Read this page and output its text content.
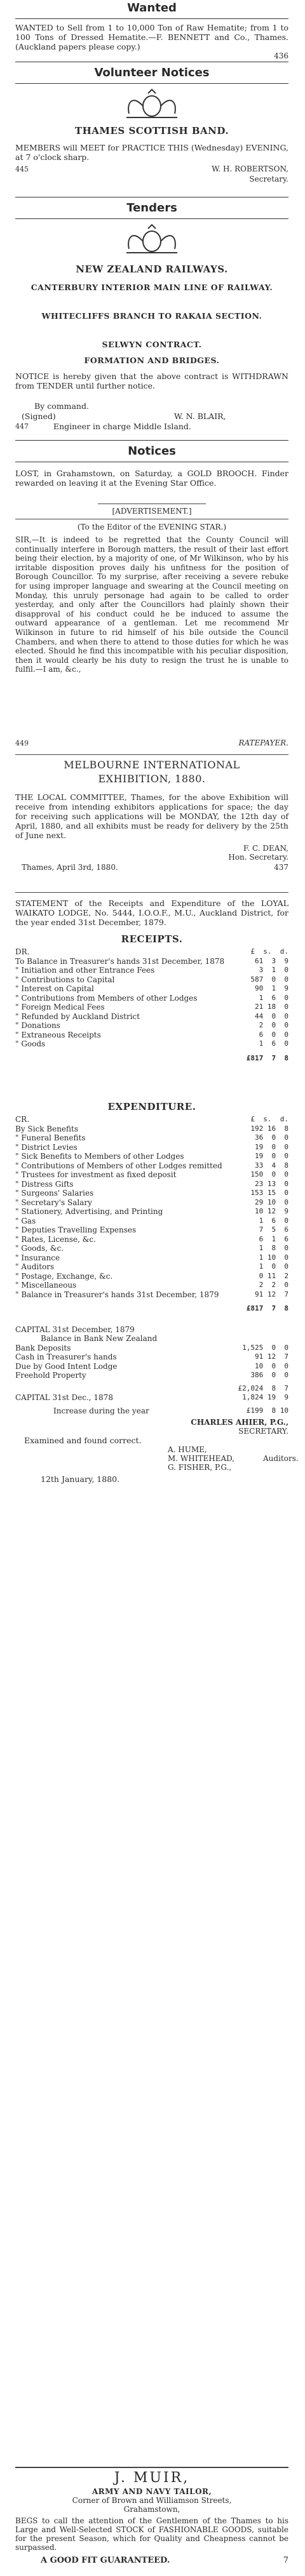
Wanted
WANTED to Sell from 1 to 10,000 Ton of Raw Hematite; from 1 to 100 Tons of Dressed Hematite.—F. BENNETT and Co., Thames. (Auckland papers please copy.)
436
Volunteer Notices
THAMES SCOTTISH BAND.
MEMBERS will MEET for PRACTICE THIS (Wednesday) EVENING, at 7 o'clock sharp.
W. H. ROBERTSON,
445
Secretary.
Tenders
NEW ZEALAND RAILWAYS.
CANTERBURY INTERIOR MAIN LINE OF RAILWAY.
WHITECLIFFS BRANCH TO RAKAIA SECTION.
SELWYN CONTRACT.
FORMATION AND BRIDGES.
NOTICE is hereby given that the above contract is WITHDRAWN from TENDER until further notice.
By command.
(Signed)	W. N. BLAIR,
447	Engineer in charge Middle Island.
Notices
LOST, in Grahamstown, on Saturday, a GOLD BROOCH. Finder rewarded on leaving it at the Evening Star Office.
[ADVERTISEMENT.]
(To the Editor of the EVENING STAR.)
SIR,—It is indeed to be regretted that the County Council will continually interfere in Borough matters, the result of their last effort being their election, by a majority of one, of Mr Wilkinson, who by his irritable disposition proves daily his unfitness for the position of Borough Councillor. To my surprise, after receiving a severe rebuke for using improper language and swearing at the Council meeting on Monday, this unruly personage had again to be called to order yesterday, and only after the Councillors had plainly shown their disapproval of his conduct could he be induced to assume the outward appearance of a gentleman. Let me recommend Mr Wilkinson in future to rid himself of his bile outside the Council Chambers, and when there to attend to those duties for which he was elected. Should he find this incompatible with his peculiar disposition, then it would clearly be his duty to resign the trust he is unable to fulfil.—I am, &c.,
RATEPAYER.
449
MELBOURNE INTERNATIONAL
EXHIBITION, 1880.
THE LOCAL COMMITTEE, Thames, for the above Exhibition will receive from intending exhibitors applications for space; the day for receiving such applications will be MONDAY, the 12th day of April, 1880, and all exhibits must be ready for delivery by the 25th of June next.
F. C. DEAN,
Hon. Secretary.
Thames, April 3rd, 1880.	437
STATEMENT of the Receipts and Expenditure of the LOYAL WAIKATO LODGE, No. 5444, I.O.O.F., M.U., Auckland District, for the year ended 31st December, 1879.
RECEIPTS.
DR.	£  s.  d.
To Balance in Treasurer's hands 31st December, 1878	61  3  9
" Initiation and other Entrance Fees	3  1  0
" Contributions to Capital	587  0  0
" Interest on Capital	90  1  9
" Contributions from Members of other Lodges	1  6  0
" Foreign Medical Fees	21 18  0
" Refunded by Auckland District	44  0  0
" Donations	2  0  0
" Extraneous Receipts	6  0  0
" Goods	1  6  0
£817  7  8
EXPENDITURE.
CR.	£  s.  d.
By Sick Benefits	192 16  8
" Funeral Benefits	36  0  0
" District Levies	19  0  0
" Sick Benefits to Members of other Lodges	19  0  0
" Contributions of Members of other Lodges remitted	33  4  8
" Trustees for investment as fixed deposit	150  0  0
" Distress Gifts	23 13  0
" Surgeons' Salaries	153 15  0
" Secretary's Salary	29 10  0
" Stationery, Advertising, and Printing	10 12  9
" Gas	1  6  0
" Deputies Travelling Expenses	7  5  6
" Rates, License, &c.	6  1  6
" Goods, &c.	1  8  0
" Insurance	1 10  0
" Auditors	1  0  0
" Postage, Exchange, &c.	0 11  2
" Miscellaneous	2  2  0
" Balance in Treasurer's hands 31st December, 1879	91 12  7
£817  7  8
CAPITAL 31st December, 1879
Balance in Bank New Zealand
Bank Deposits	1,525  0  0
Cash in Treasurer's hands	91 12  7
Due by Good Intent Lodge	10  0  0
Freehold Property	386  0  0
£2,024  8  7
CAPITAL 31st Dec., 1878	1,824 19  9
Increase during the year	£199  8 10
CHARLES AHIER, P.G.,
SECRETARY.
Examined and found correct.
A. HUME,
M. WHITEHEAD,
G. FISHER, P.G.,
Auditors.
12th January, 1880.
J. MUIR,
ARMY AND NAVY TAILOR,
Corner of Brown and Williamson Streets,
Grahamstown,
BEGS to call the attention of the Gentlemen of the Thames to his Large and Well-Selected STOCK of FASHIONABLE GOODS, suitable for the present Season, which for Quality and Cheapness cannot be surpassed.
A GOOD FIT GUARANTEED.	7
